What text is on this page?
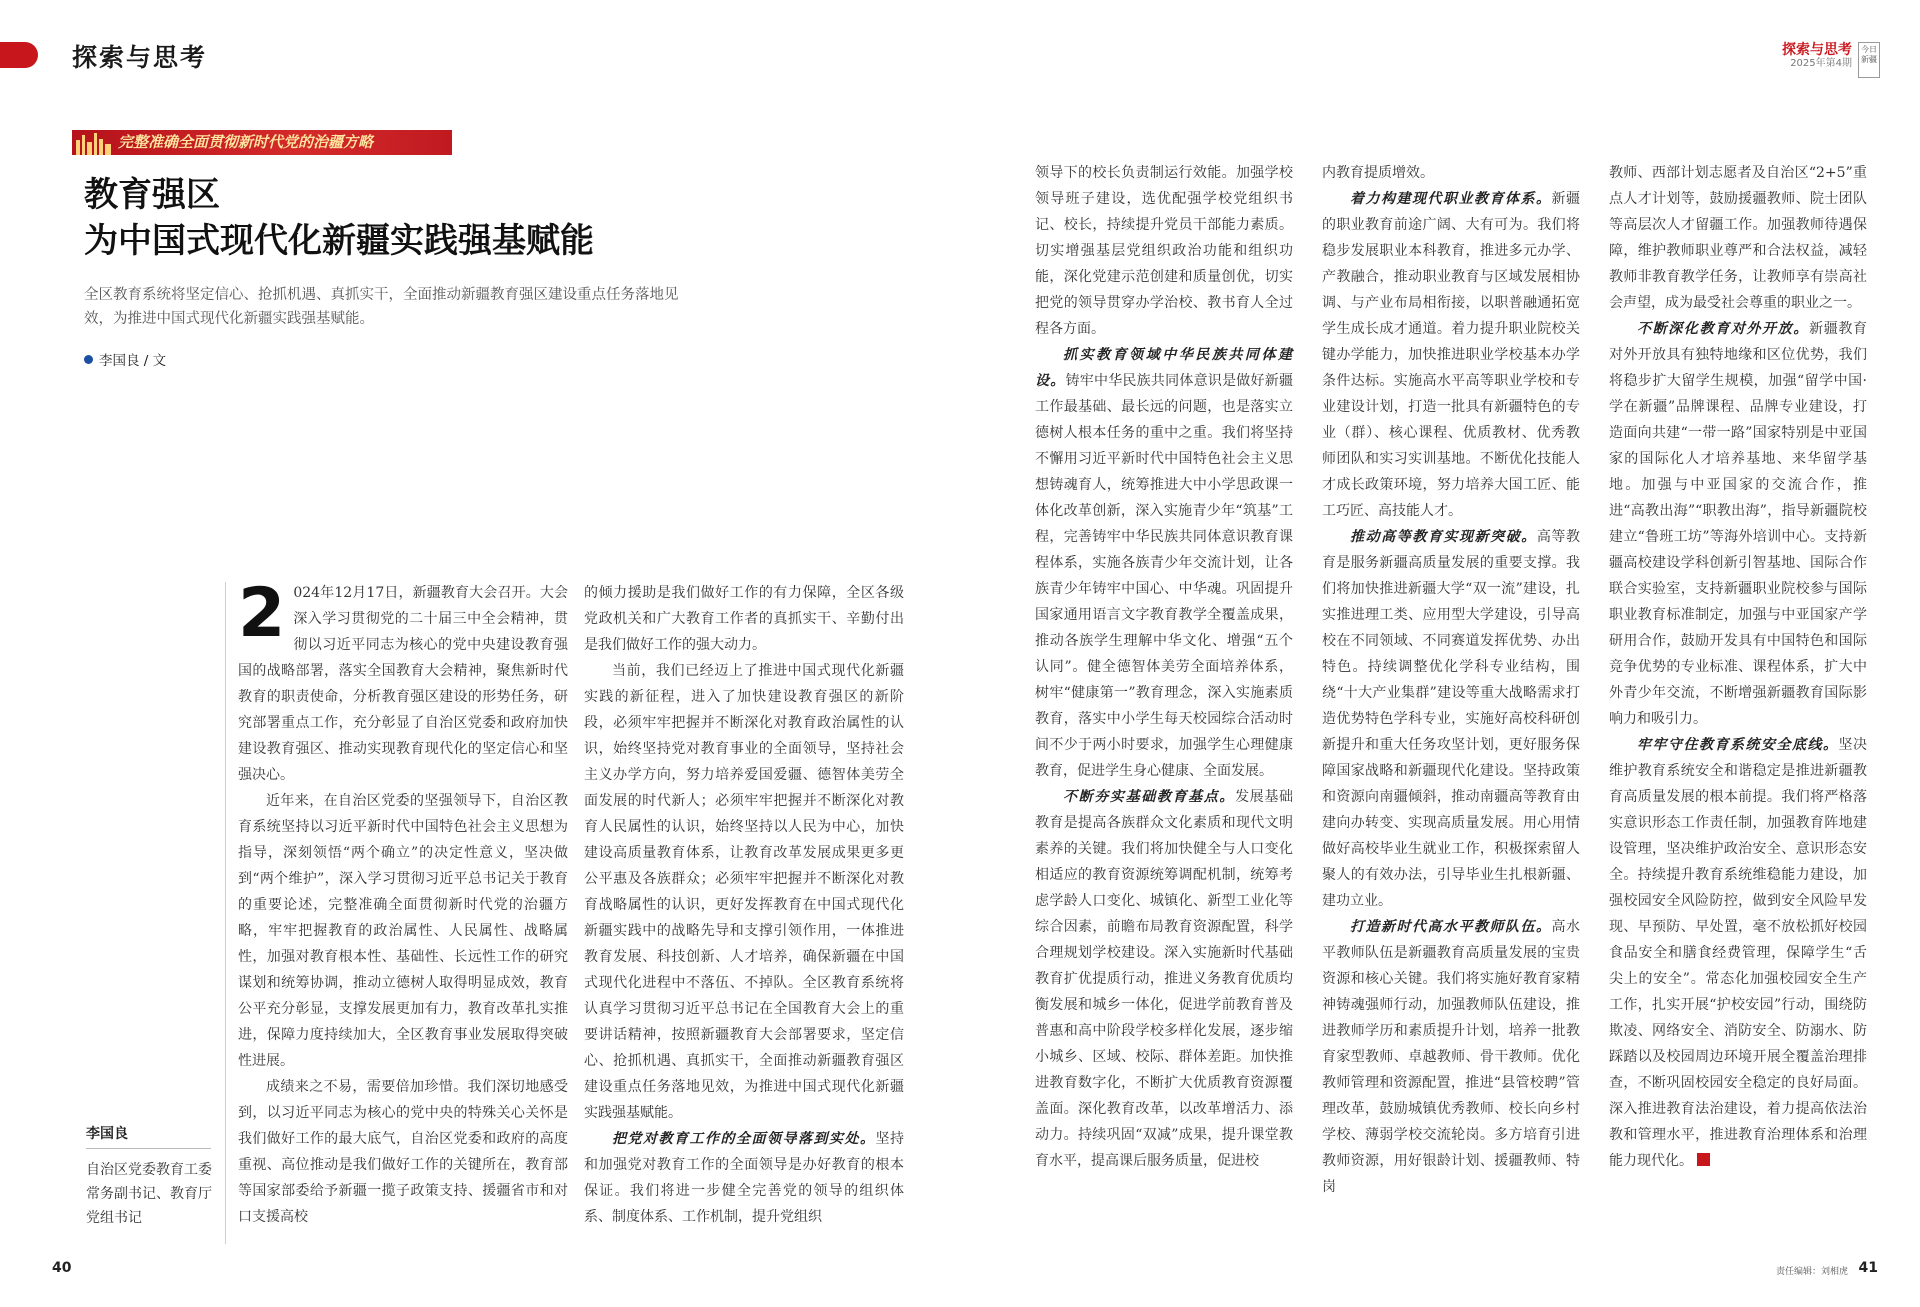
探索与思考	探索与思考
2025年第4期
今日新疆
完整准确全面贯彻新时代党的治疆方略
教育强区
为中国式现代化新疆实践强基赋能
全区教育系统将坚定信心、抢抓机遇、真抓实干，全面推动新疆教育强区建设重点任务落地见效，为推进中国式现代化新疆实践强基赋能。
李国良 / 文
李国良
自治区党委教育工委常务副书记、教育厅党组书记

2 024年12月17日，新疆教育大会召开。大会深入学习贯彻党的二十届三中全会精神，贯彻以习近平同志为核心的党中央建设教育强国的战略部署，落实全国教育大会精神，聚焦新时代教育的职责使命，分析教育强区建设的形势任务，研究部署重点工作，充分彰显了自治区党委和政府加快建设教育强区、推动实现教育现代化的坚定信心和坚强决心。

近年来，在自治区党委的坚强领导下，自治区教育系统坚持以习近平新时代中国特色社会主义思想为指导，深刻领悟“两个确立”的决定性意义，坚决做到“两个维护”，深入学习贯彻习近平总书记关于教育的重要论述，完整准确全面贯彻新时代党的治疆方略，牢牢把握教育的政治属性、人民属性、战略属性，加强对教育根本性、基础性、长远性工作的研究谋划和统筹协调，推动立德树人取得明显成效，教育公平充分彰显，支撑发展更加有力，教育改革扎实推进，保障力度持续加大，全区教育事业发展取得突破性进展。

成绩来之不易，需要倍加珍惜。我们深切地感受到，以习近平同志为核心的党中央的特殊关心关怀是我们做好工作的最大底气，自治区党委和政府的高度重视、高位推动是我们做好工作的关键所在，教育部等国家部委给予新疆一揽子政策支持、援疆省市和对口支援高校

的倾力援助是我们做好工作的有力保障，全区各级党政机关和广大教育工作者的真抓实干、辛勤付出是我们做好工作的强大动力。

当前，我们已经迈上了推进中国式现代化新疆实践的新征程，进入了加快建设教育强区的新阶段，必须牢牢把握并不断深化对教育政治属性的认识，始终坚持党对教育事业的全面领导，坚持社会主义办学方向，努力培养爱国爱疆、德智体美劳全面发展的时代新人；必须牢牢把握并不断深化对教育人民属性的认识，始终坚持以人民为中心，加快建设高质量教育体系，让教育改革发展成果更多更公平惠及各族群众；必须牢牢把握并不断深化对教育战略属性的认识，更好发挥教育在中国式现代化新疆实践中的战略先导和支撑引领作用，一体推进教育发展、科技创新、人才培养，确保新疆在中国式现代化进程中不落伍、不掉队。全区教育系统将认真学习贯彻习近平总书记在全国教育大会上的重要讲话精神，按照新疆教育大会部署要求，坚定信心、抢抓机遇、真抓实干，全面推动新疆教育强区建设重点任务落地见效，为推进中国式现代化新疆实践强基赋能。

把党对教育工作的全面领导落到实处。坚持和加强党对教育工作的全面领导是办好教育的根本保证。我们将进一步健全完善党的领导的组织体系、制度体系、工作机制，提升党组织

领导下的校长负责制运行效能。加强学校领导班子建设，选优配强学校党组织书记、校长，持续提升党员干部能力素质。切实增强基层党组织政治功能和组织功能，深化党建示范创建和质量创优，切实把党的领导贯穿办学治校、教书育人全过程各方面。

抓实教育领域中华民族共同体建设。铸牢中华民族共同体意识是做好新疆工作最基础、最长远的问题，也是落实立德树人根本任务的重中之重。我们将坚持不懈用习近平新时代中国特色社会主义思想铸魂育人，统筹推进大中小学思政课一体化改革创新，深入实施青少年“筑基”工程，完善铸牢中华民族共同体意识教育课程体系，实施各族青少年交流计划，让各族青少年铸牢中国心、中华魂。巩固提升国家通用语言文字教育教学全覆盖成果，推动各族学生理解中华文化、增强“五个认同”。健全德智体美劳全面培养体系，树牢“健康第一”教育理念，深入实施素质教育，落实中小学生每天校园综合活动时间不少于两小时要求，加强学生心理健康教育，促进学生身心健康、全面发展。

不断夯实基础教育基点。发展基础教育是提高各族群众文化素质和现代文明素养的关键。我们将加快健全与人口变化相适应的教育资源统筹调配机制，统筹考虑学龄人口变化、城镇化、新型工业化等综合因素，前瞻布局教育资源配置，科学合理规划学校建设。深入实施新时代基础教育扩优提质行动，推进义务教育优质均衡发展和城乡一体化，促进学前教育普及普惠和高中阶段学校多样化发展，逐步缩小城乡、区域、校际、群体差距。加快推进教育数字化，不断扩大优质教育资源覆盖面。深化教育改革，以改革增活力、添动力。持续巩固“双减”成果，提升课堂教育水平，提高课后服务质量，促进校

内教育提质增效。

着力构建现代职业教育体系。新疆的职业教育前途广阔、大有可为。我们将稳步发展职业本科教育，推进多元办学、产教融合，推动职业教育与区域发展相协调、与产业布局相衔接，以职普融通拓宽学生成长成才通道。着力提升职业院校关键办学能力，加快推进职业学校基本办学条件达标。实施高水平高等职业学校和专业建设计划，打造一批具有新疆特色的专业（群）、核心课程、优质教材、优秀教师团队和实习实训基地。不断优化技能人才成长政策环境，努力培养大国工匠、能工巧匠、高技能人才。

推动高等教育实现新突破。高等教育是服务新疆高质量发展的重要支撑。我们将加快推进新疆大学“双一流”建设，扎实推进理工类、应用型大学建设，引导高校在不同领域、不同赛道发挥优势、办出特色。持续调整优化学科专业结构，围绕“十大产业集群”建设等重大战略需求打造优势特色学科专业，实施好高校科研创新提升和重大任务攻坚计划，更好服务保障国家战略和新疆现代化建设。坚持政策和资源向南疆倾斜，推动南疆高等教育由建向办转变、实现高质量发展。用心用情做好高校毕业生就业工作，积极探索留人聚人的有效办法，引导毕业生扎根新疆、建功立业。

打造新时代高水平教师队伍。高水平教师队伍是新疆教育高质量发展的宝贵资源和核心关键。我们将实施好教育家精神铸魂强师行动，加强教师队伍建设，推进教师学历和素质提升计划，培养一批教育家型教师、卓越教师、骨干教师。优化教师管理和资源配置，推进“县管校聘”管理改革，鼓励城镇优秀教师、校长向乡村学校、薄弱学校交流轮岗。多方培育引进教师资源，用好银龄计划、援疆教师、特岗

教师、西部计划志愿者及自治区“2+5”重点人才计划等，鼓励援疆教师、院士团队等高层次人才留疆工作。加强教师待遇保障，维护教师职业尊严和合法权益，减轻教师非教育教学任务，让教师享有崇高社会声望，成为最受社会尊重的职业之一。

不断深化教育对外开放。新疆教育对外开放具有独特地缘和区位优势，我们将稳步扩大留学生规模，加强“留学中国·学在新疆”品牌课程、品牌专业建设，打造面向共建“一带一路”国家特别是中亚国家的国际化人才培养基地、来华留学基地。加强与中亚国家的交流合作，推进“高教出海”“职教出海”，指导新疆院校建立“鲁班工坊”等海外培训中心。支持新疆高校建设学科创新引智基地、国际合作联合实验室，支持新疆职业院校参与国际职业教育标准制定，加强与中亚国家产学研用合作，鼓励开发具有中国特色和国际竞争优势的专业标准、课程体系，扩大中外青少年交流，不断增强新疆教育国际影响力和吸引力。

牢牢守住教育系统安全底线。坚决维护教育系统安全和谐稳定是推进新疆教育高质量发展的根本前提。我们将严格落实意识形态工作责任制，加强教育阵地建设管理，坚决维护政治安全、意识形态安全。持续提升教育系统维稳能力建设，加强校园安全风险防控，做到安全风险早发现、早预防、早处置，毫不放松抓好校园食品安全和膳食经费管理，保障学生“舌尖上的安全”。常态化加强校园安全生产工作，扎实开展“护校安园”行动，围绕防欺凌、网络安全、消防安全、防溺水、防踩踏以及校园周边环境开展全覆盖治理排查，不断巩固校园安全稳定的良好局面。深入推进教育法治建设，着力提高依法治教和管理水平，推进教育治理体系和治理能力现代化。

40	责任编辑：刘相虎 41
